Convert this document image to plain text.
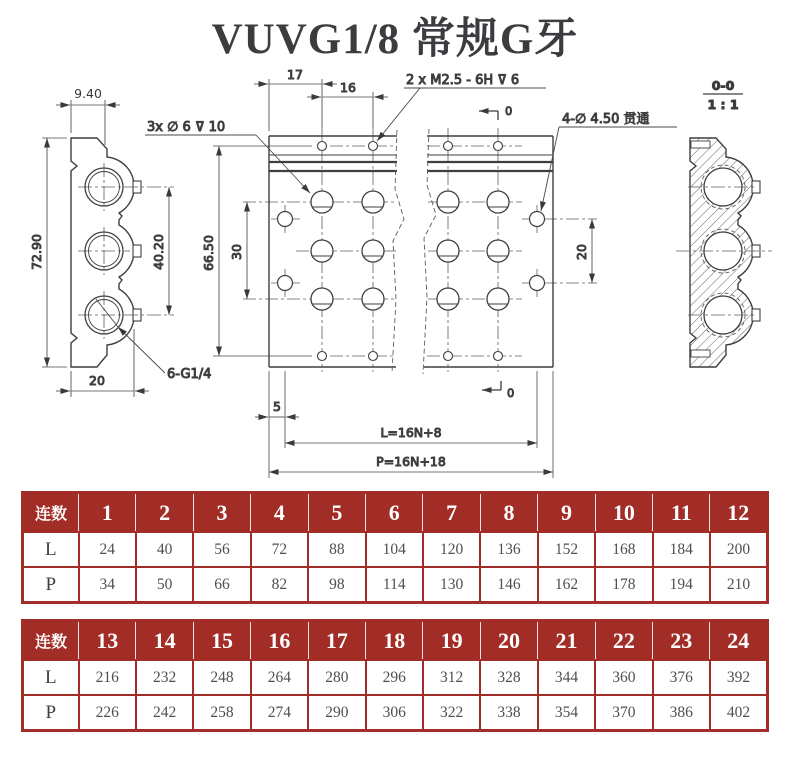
VUVG1/8 常规G牙
9.40
72.90	40.20
20	6-G1/4
3x ∅ 6 ⊽ 10
17
16	2 x M2.5 - 6H ⊽ 6
4-∅ 4.50 贯通
0
0
66.50 30	20
5
L=16N+8
P=16N+18
0-0
1 : 1
连数	1	2	3	4	5	6	7	8	9	10	11	12
L	24	40	56	72	88	104	120	136	152	168	184	200
P	34	50	66	82	98	114	130	146	162	178	194	210
连数	13	14	15	16	17	18	19	20	21	22	23	24
L	216	232	248	264	280	296	312	328	344	360	376	392
P	226	242	258	274	290	306	322	338	354	370	386	402
